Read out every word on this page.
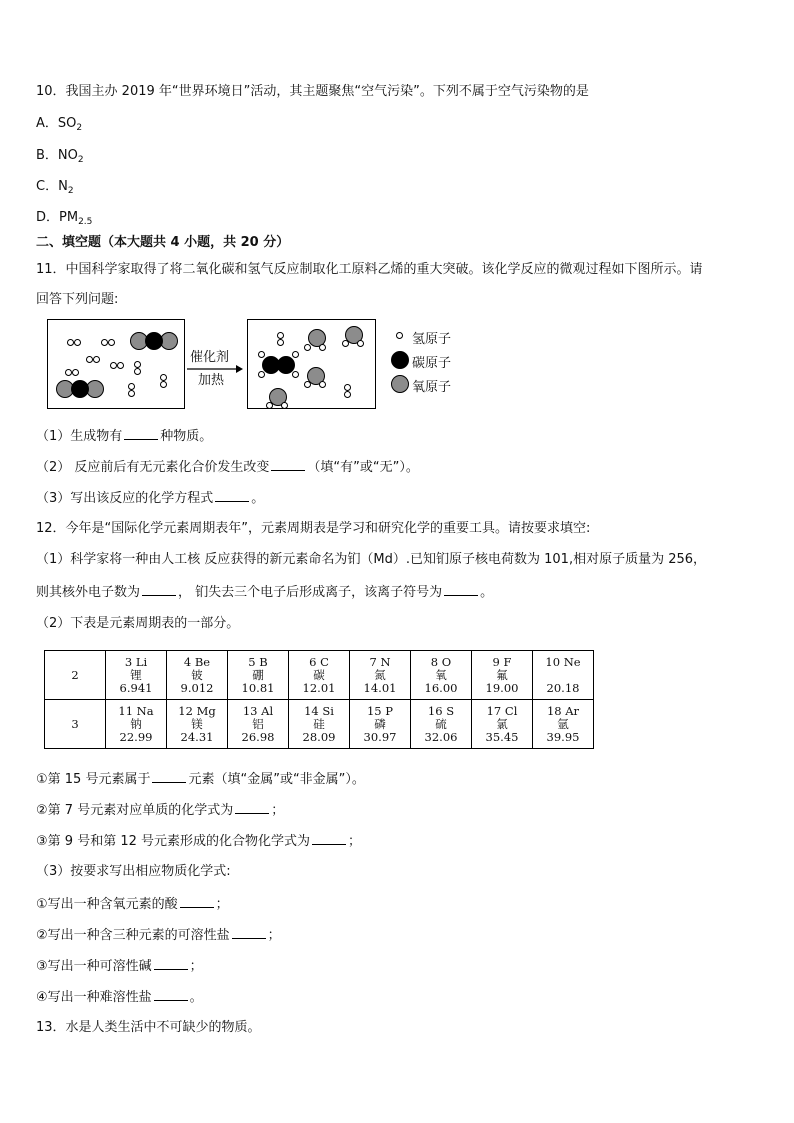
10．我国主办 2019 年“世界环境日”活动，其主题聚焦“空气污染”。下列不属于空气污染物的是
A．$SO_2$
B．$NO_2$
C．$N_2$
D．$PM_{2.5}$
二、填空题（本大题共 4 小题，共 20 分）
11．中国科学家取得了将二氧化碳和氢气反应制取化工原料乙烯的重大突破。该化学反应的微观过程如下图所示。请
回答下列问题:
催化剂
加热
氢原子
碳原子
氧原子
（1）生成物有	种物质。
（2） 反应前后有无元素化合价发生改变	（填“有”或“无”）。
（3）写出该反应的化学方程式	。
12．今年是“国际化学元素周期表年”，元素周期表是学习和研究化学的重要工具。请按要求填空:
（1）科学家将一种由人工核 反应获得的新元素命名为钔（Md）.已知钔原子核电荷数为 101,相对原子质量为 256，
则其核外电子数为	， 钔失去三个电子后形成离子，该离子符号为	。
（2）下表是元素周期表的一部分。
2	3 Li
锂
6.941	4 Be
铍
9.012	5 B
硼
10.81	6 C
碳
12.01	7 N
氮
14.01	8 O
氧
16.00	9 F
氟
19.00	10 Ne

20.18

3	11 Na
钠
22.99	12 Mg
镁
24.31	13 Al
铝
26.98	14 Si
硅
28.09	15 P
磷
30.97	16 S
硫
32.06	17 Cl
氯
35.45	18 Ar
氩
39.95
①第 15 号元素属于	元素（填“金属”或“非金属”）。
②第 7 号元素对应单质的化学式为	；
③第 9 号和第 12 号元素形成的化合物化学式为	；
（3）按要求写出相应物质化学式:
①写出一种含氧元素的酸	；
②写出一种含三种元素的可溶性盐	；
③写出一种可溶性碱	；
④写出一种难溶性盐	。
13．水是人类生活中不可缺少的物质。
